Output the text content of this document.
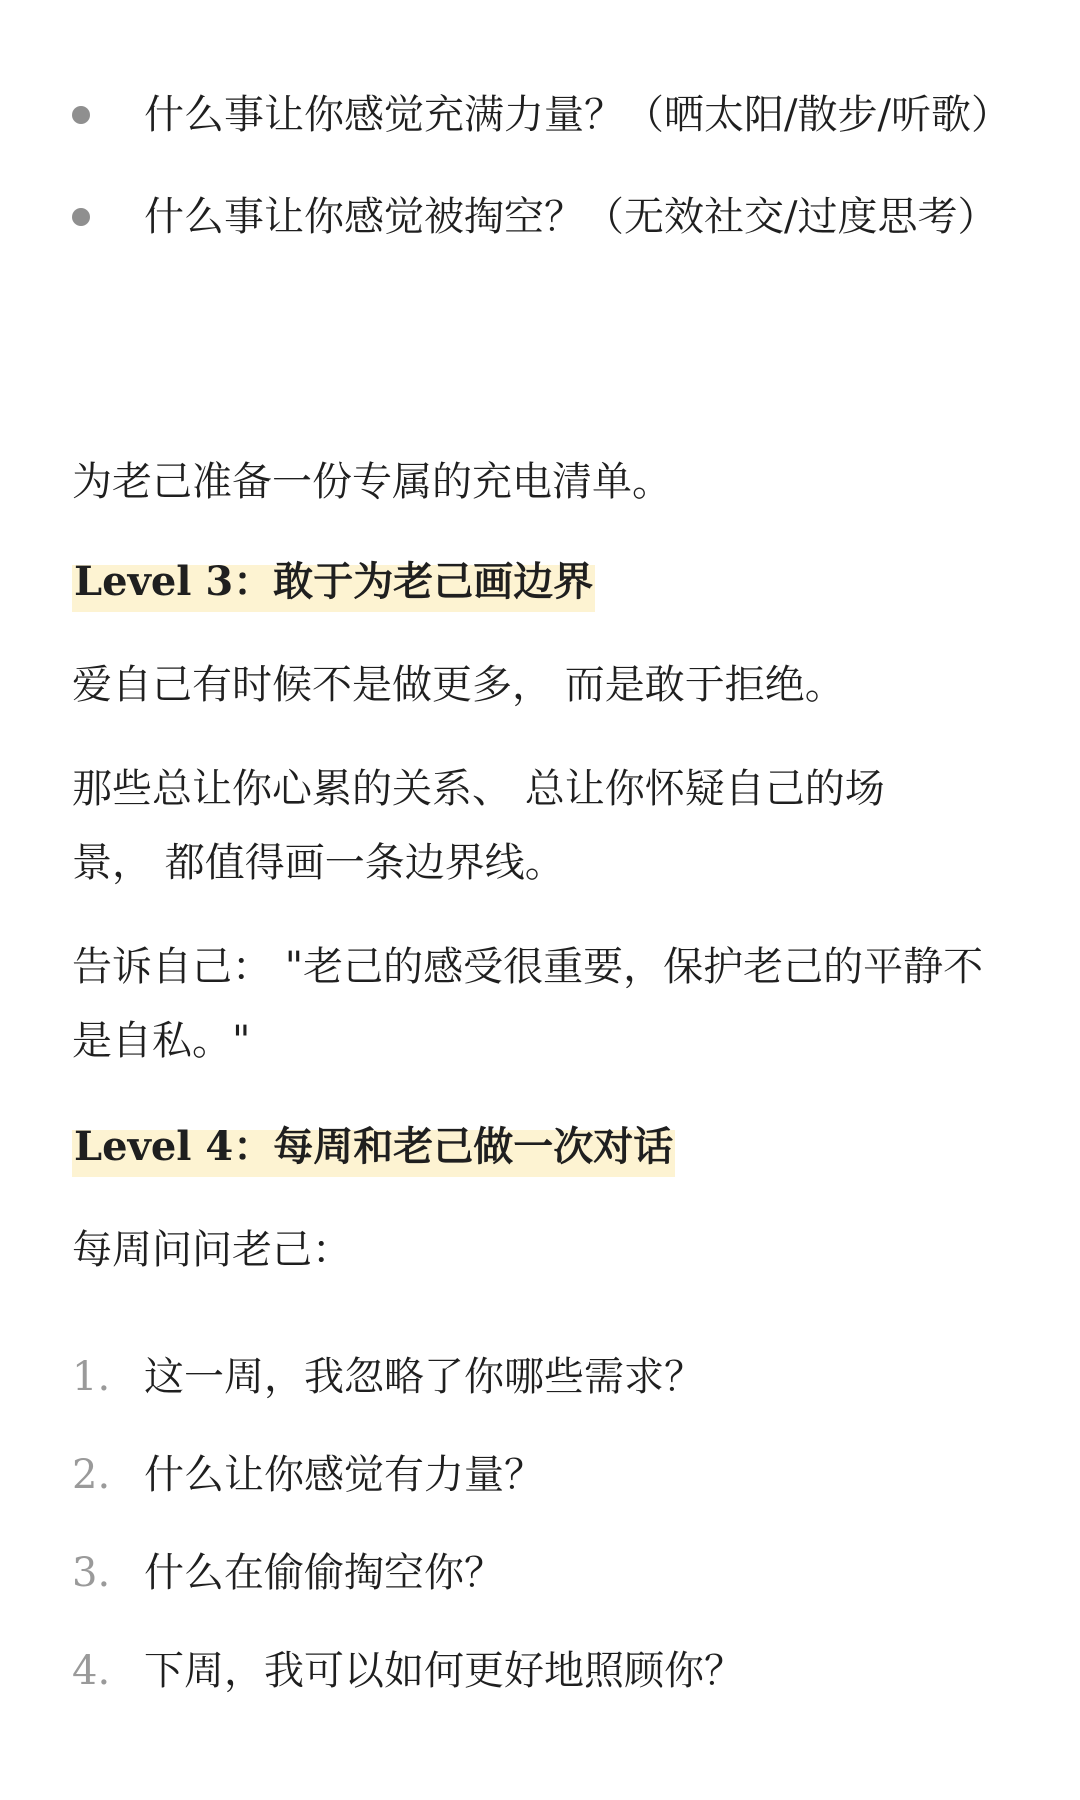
什么事让你感觉充满力量？（晒太阳/散步/听歌）
什么事让你感觉被掏空？（无效社交/过度思考）

为老己准备一份专属的充电清单。

Level 3：敢于为老己画边界

爱自己有时候不是做更多， 而是敢于拒绝。

那些总让你心累的关系、 总让你怀疑自己的场景， 都值得画一条边界线。

告诉自己： "老己的感受很重要，保护老己的平静不是自私。"

Level 4：每周和老己做一次对话

每周问问老己：

1. 这一周，我忽略了你哪些需求？
2. 什么让你感觉有力量？
3. 什么在偷偷掏空你？
4. 下周，我可以如何更好地照顾你？
